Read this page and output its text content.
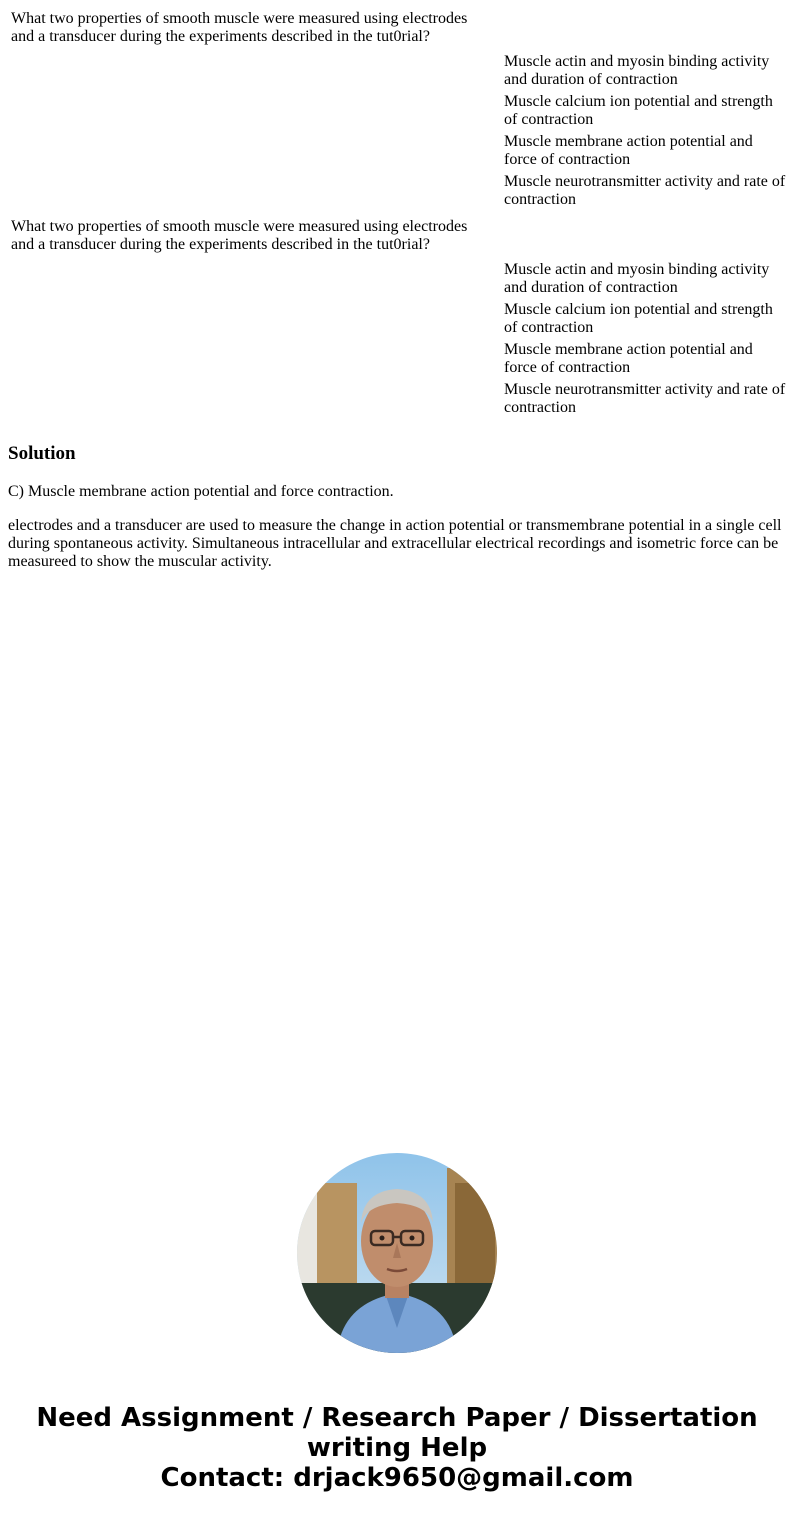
What two properties of smooth muscle were measured using electrodes and a transducer during the experiments described in the tut0rial?

Muscle actin and myosin binding activity and duration of contraction
Muscle calcium ion potential and strength of contraction
Muscle membrane action potential and force of contraction
Muscle neurotransmitter activity and rate of contraction

What two properties of smooth muscle were measured using electrodes and a transducer during the experiments described in the tut0rial?

Muscle actin and myosin binding activity and duration of contraction
Muscle calcium ion potential and strength of contraction
Muscle membrane action potential and force of contraction
Muscle neurotransmitter activity and rate of contraction
Solution

C) Muscle membrane action potential and force contraction.

electrodes and a transducer are used to measure the change in action potential or transmembrane potential in a single cell during spontaneous activity. Simultaneous intracellular and extracellular electrical recordings and isometric force can be measureed to show the muscular activity.

Need Assignment / Research Paper / Dissertation
writing Help
Contact: drjack9650@gmail.com
